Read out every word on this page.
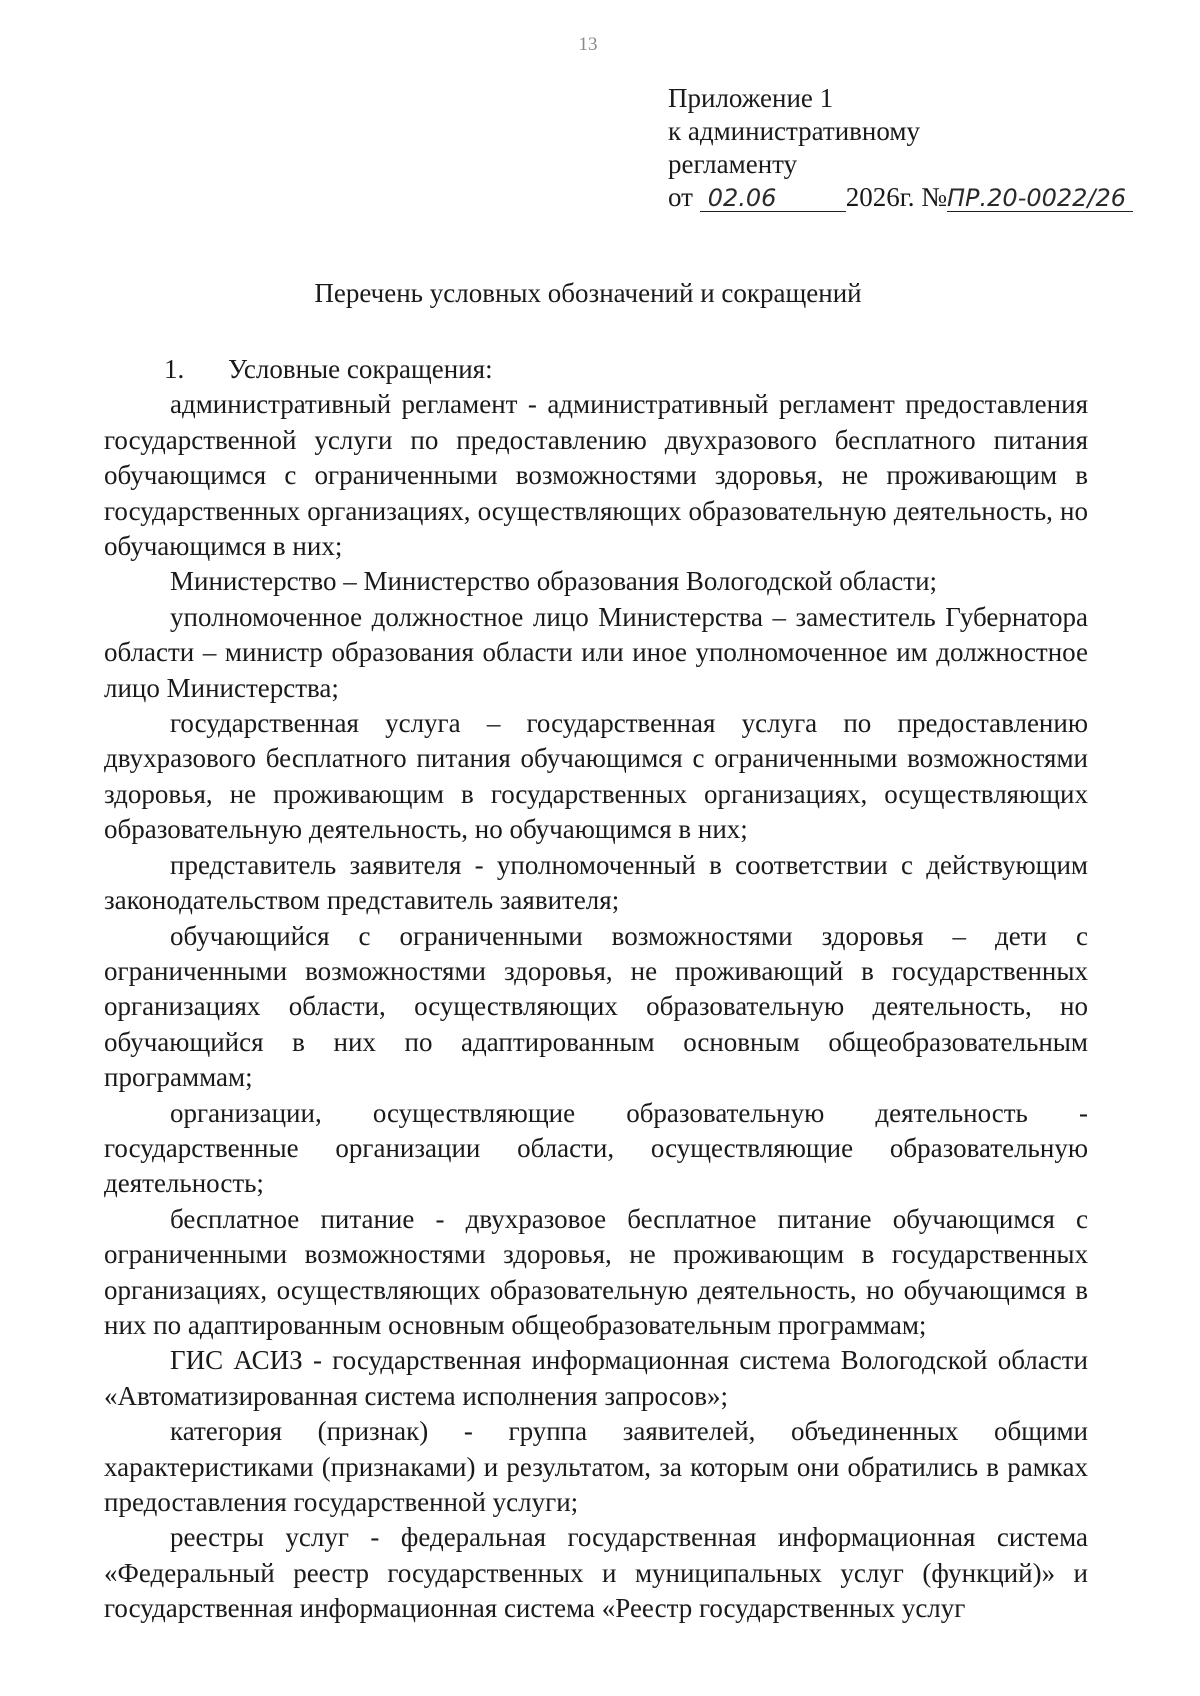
13
Приложение 1
к административному
регламенту
от 02.06	2026г. №ПР.20-0022/26
Перечень условных обозначений и сокращений

1. Условные сокращения:

административный регламент - административный регламент предоставления государственной услуги по предоставлению двухразового бесплатного питания обучающимся с ограниченными возможностями здоровья, не проживающим в государственных организациях, осуществляющих образовательную деятельность, но обучающимся в них;

Министерство – Министерство образования Вологодской области;

уполномоченное должностное лицо Министерства – заместитель Губернатора области – министр образования области или иное уполномоченное им должностное лицо Министерства;

государственная услуга – государственная услуга по предоставлению двухразового бесплатного питания обучающимся с ограниченными возможностями здоровья, не проживающим в государственных организациях, осуществляющих образовательную деятельность, но обучающимся в них;

представитель заявителя - уполномоченный в соответствии с действующим законодательством представитель заявителя;

обучающийся с ограниченными возможностями здоровья – дети с ограниченными возможностями здоровья, не проживающий в государственных организациях области, осуществляющих образовательную деятельность, но обучающийся в них по адаптированным основным общеобразовательным программам;

организации, осуществляющие образовательную деятельность - государственные организации области, осуществляющие образовательную деятельность;

бесплатное питание - двухразовое бесплатное питание обучающимся с ограниченными возможностями здоровья, не проживающим в государственных организациях, осуществляющих образовательную деятельность, но обучающимся в них по адаптированным основным общеобразовательным программам;

ГИС АСИЗ - государственная информационная система Вологодской области «Автоматизированная система исполнения запросов»;

категория (признак) - группа заявителей, объединенных общими характеристиками (признаками) и результатом, за которым они обратились в рамках предоставления государственной услуги;

реестры услуг - федеральная государственная информационная система «Федеральный реестр государственных и муниципальных услуг (функций)» и государственная информационная система «Реестр государственных услуг
